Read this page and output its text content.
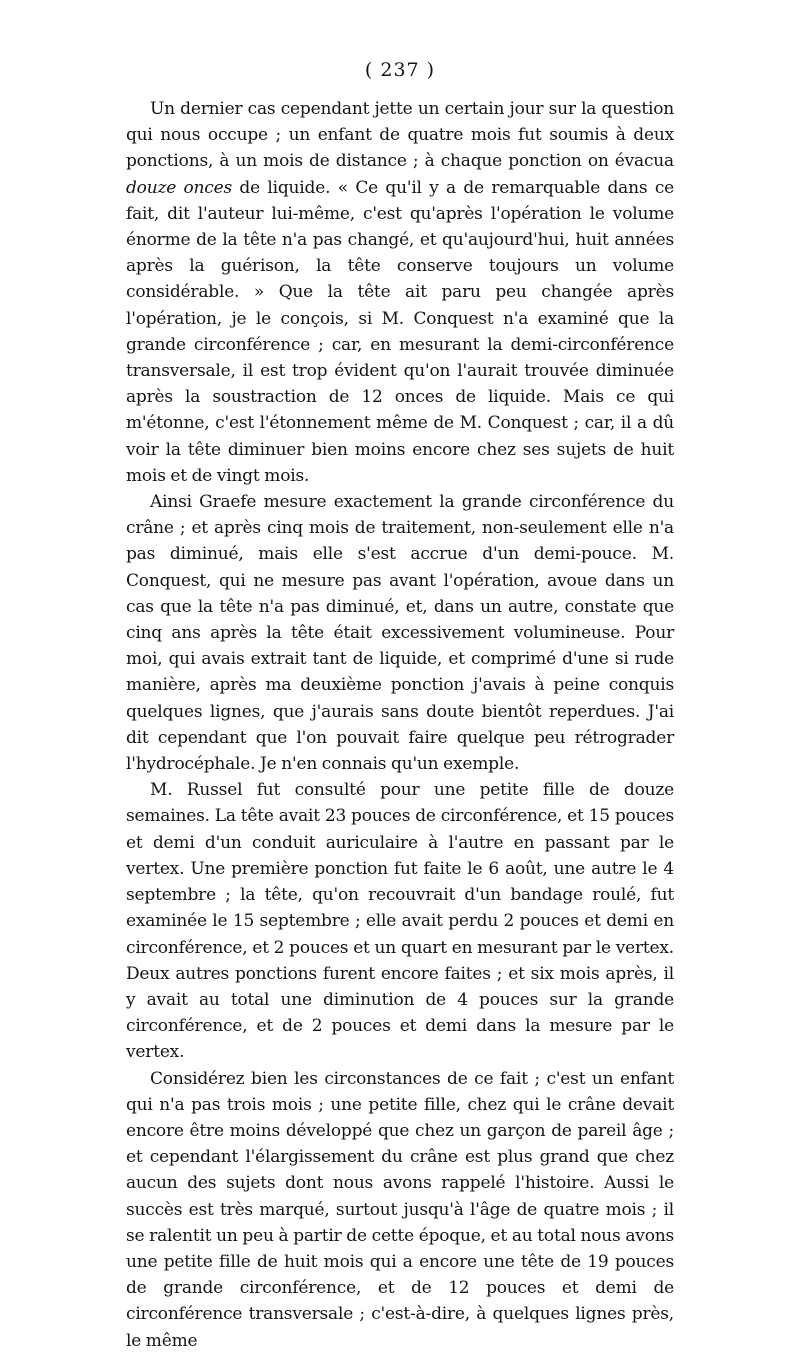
( 237 )

Un dernier cas cependant jette un certain jour sur la question qui nous occupe ; un enfant de quatre mois fut soumis à deux ponctions, à un mois de distance ; à chaque ponction on évacua douze onces de liquide. « Ce qu'il y a de remarquable dans ce fait, dit l'auteur lui-même, c'est qu'après l'opération le volume énorme de la tête n'a pas changé, et qu'aujourd'hui, huit années après la guérison, la tête conserve toujours un volume considérable. » Que la tête ait paru peu changée après l'opération, je le conçois, si M. Conquest n'a examiné que la grande circonférence ; car, en mesurant la demi-circonférence transversale, il est trop évident qu'on l'aurait trouvée diminuée après la soustraction de 12 onces de liquide. Mais ce qui m'étonne, c'est l'étonnement même de M. Conquest ; car, il a dû voir la tête diminuer bien moins encore chez ses sujets de huit mois et de vingt mois.

Ainsi Graefe mesure exactement la grande circonférence du crâne ; et après cinq mois de traitement, non-seulement elle n'a pas diminué, mais elle s'est accrue d'un demi-pouce. M. Conquest, qui ne mesure pas avant l'opération, avoue dans un cas que la tête n'a pas diminué, et, dans un autre, constate que cinq ans après la tête était excessivement volumineuse. Pour moi, qui avais extrait tant de liquide, et comprimé d'une si rude manière, après ma deuxième ponction j'avais à peine conquis quelques lignes, que j'aurais sans doute bientôt reperdues. J'ai dit cependant que l'on pouvait faire quelque peu rétrograder l'hydrocéphale. Je n'en connais qu'un exemple.

M. Russel fut consulté pour une petite fille de douze semaines. La tête avait 23 pouces de circonférence, et 15 pouces et demi d'un conduit auriculaire à l'autre en passant par le vertex. Une première ponction fut faite le 6 août, une autre le 4 septembre ; la tête, qu'on recouvrait d'un bandage roulé, fut examinée le 15 septembre ; elle avait perdu 2 pouces et demi en circonférence, et 2 pouces et un quart en mesurant par le vertex. Deux autres ponctions furent encore faites ; et six mois après, il y avait au total une diminution de 4 pouces sur la grande circonférence, et de 2 pouces et demi dans la mesure par le vertex.

Considérez bien les circonstances de ce fait ; c'est un enfant qui n'a pas trois mois ; une petite fille, chez qui le crâne devait encore être moins développé que chez un garçon de pareil âge ; et cependant l'élargissement du crâne est plus grand que chez aucun des sujets dont nous avons rappelé l'histoire. Aussi le succès est très marqué, surtout jusqu'à l'âge de quatre mois ; il se ralentit un peu à partir de cette époque, et au total nous avons une petite fille de huit mois qui a encore une tête de 19 pouces de grande circonférence, et de 12 pouces et demi de circonférence transversale ; c'est-à-dire, à quelques lignes près, le même
